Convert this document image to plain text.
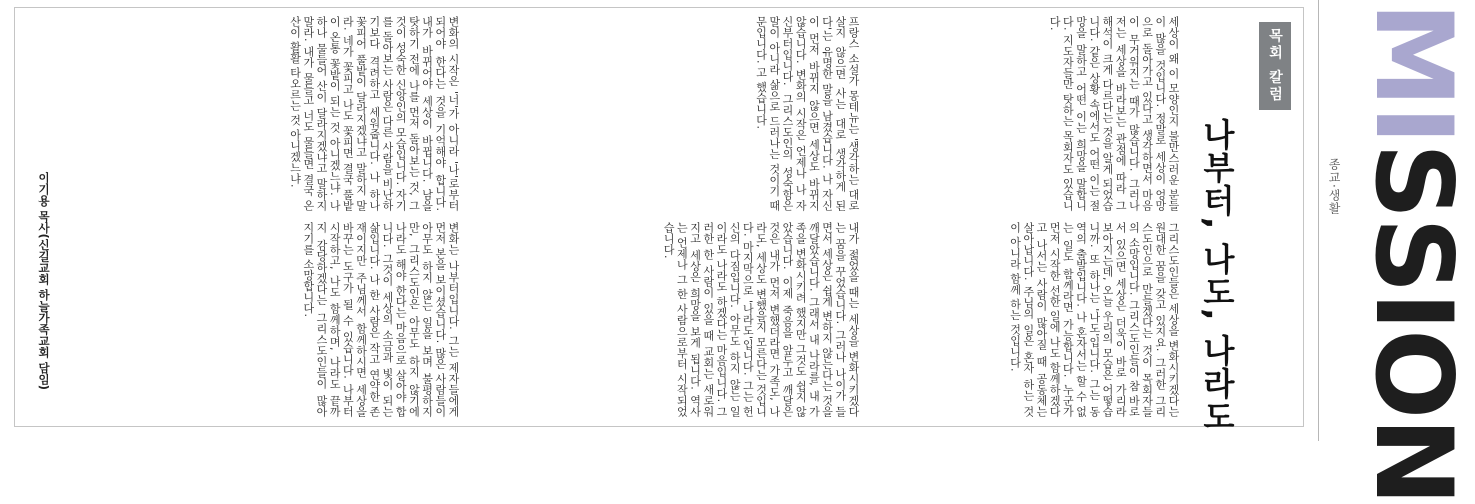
MISSION
종교·생활
목회 칼럼
나부터, 나도, 나라도
세상이 왜 이 모양인지 불만스러운 분들이 많을 것입니다. 정말로 세상이 엉망으로 돌아가고 있다고 생각하면서 마음이 무거워지는 때가 많습니다. 그러나 저는 세상을 바라보는 관점에 따라 그 해석이 크게 다르다는 것을 알게 되었습니다. 같은 상황 속에서도 어떤 이는 절망을 말하고 어떤 이는 희망을 말합니다. 지도자들만 탓하는 목회자도 있습니다.
그리스도인들은 세상을 변화시키겠다는 원대한 꿈을 갖고 있지요. 그러한 그리스도인으로 만들겠다는 것이 목회자들의 소망입니다. 그리스도인들이 참 바로서 있으면 세상은 더욱이 바로 가리라 보아지는데, 오늘 우리의 모습은 어떻습니까. 또 하나는 '나도'입니다. 그는 동역의 출발입니다. 나 혼자서는 할 수 없는 일도 함께라면 가능합니다. 누군가 먼저 시작한 선한 일에 나도 함께하겠다고 나서는 사람이 많아질 때 공동체는 살아납니다. 주님의 일은 혼자 하는 것이 아니라 함께 하는 것입니다.
프랑스 소설가 몽테뉴는 '생각하는 대로 살지 않으면 사는 대로 생각하게 된다'는 유명한 말을 남겼습니다. 나 자신이 먼저 바뀌지 않으면 세상도 바뀌지 않습니다. 변화의 시작은 언제나 나 자신부터입니다. 그리스도인의 성숙함은 말이 아니라 삶으로 드러나는 것이기 때문입니다. 고 했습니다.
내가 젊었을 때는 세상을 변화시키겠다는 꿈을 꾸었습니다. 그러나 나이가 들면서 세상은 쉽게 변하지 않는다는 것을 깨달았습니다. 그래서 내 나라를, 내 가족을 변화시키려 했지만 그것도 쉽지 않았습니다. 이제 죽음을 앞두고 깨달은 것은 내가 먼저 변했더라면 가족도, 나라도, 세상도 변했을지 모른다는 것입니다. 마지막으로 '나라도'입니다. 그는 헌신의 다짐입니다. 아무도 하지 않는 일이라도 나라도 하겠다는 마음입니다. 그러한 한 사람이 있을 때 교회는 새로워지고 세상은 희망을 보게 됩니다. 역사는 언제나 그 한 사람으로부터 시작되었습니다.
변화의 시작은 '너'가 아니라 '나'로부터 되어야 한다는 것을 기억해야 합니다. 내가 바뀌어야 세상이 바뀝니다. 남을 탓하기 전에 나를 먼저 돌아보는 것, 그것이 성숙한 신앙인의 모습입니다. 자기를 돌아보는 사람은 다른 사람을 비난하기보다 격려하고 세워줍니다. 나 하나 꽃피어 풀밭이 달라지겠냐고 말하지 말라. 네가 꽃피고 나도 꽃피면 결국 풀밭이 온통 꽃밭이 되는 것 아니겠느냐. 나 하나 물들어 산이 달라지겠냐고 말하지 말라. 내가 물들고 너도 물들면 결국 온 산이 활활 타오르는 것 아니겠느냐.
변화는 나부터입니다. 그는 제자들에게 먼저 본을 보이셨습니다. 많은 사람들이 아무도 하지 않는 일을 보며 불평하지만, 그리스도인은 아무도 하지 않기에 나라도 해야 한다는 마음으로 살아야 합니다. 그것이 세상의 소금과 빛이 되는 삶입니다. 나 한 사람은 작고 연약한 존재이지만 주님께서 함께하시면 세상을 바꾸는 도구가 될 수 있습니다. 나부터 시작하고, 나도 함께하며, 나라도 끝까지 감당하겠다는 그리스도인들이 많아지기를 소망합니다.
이기용 목사(신길교회 하늘가족교회 담임)
